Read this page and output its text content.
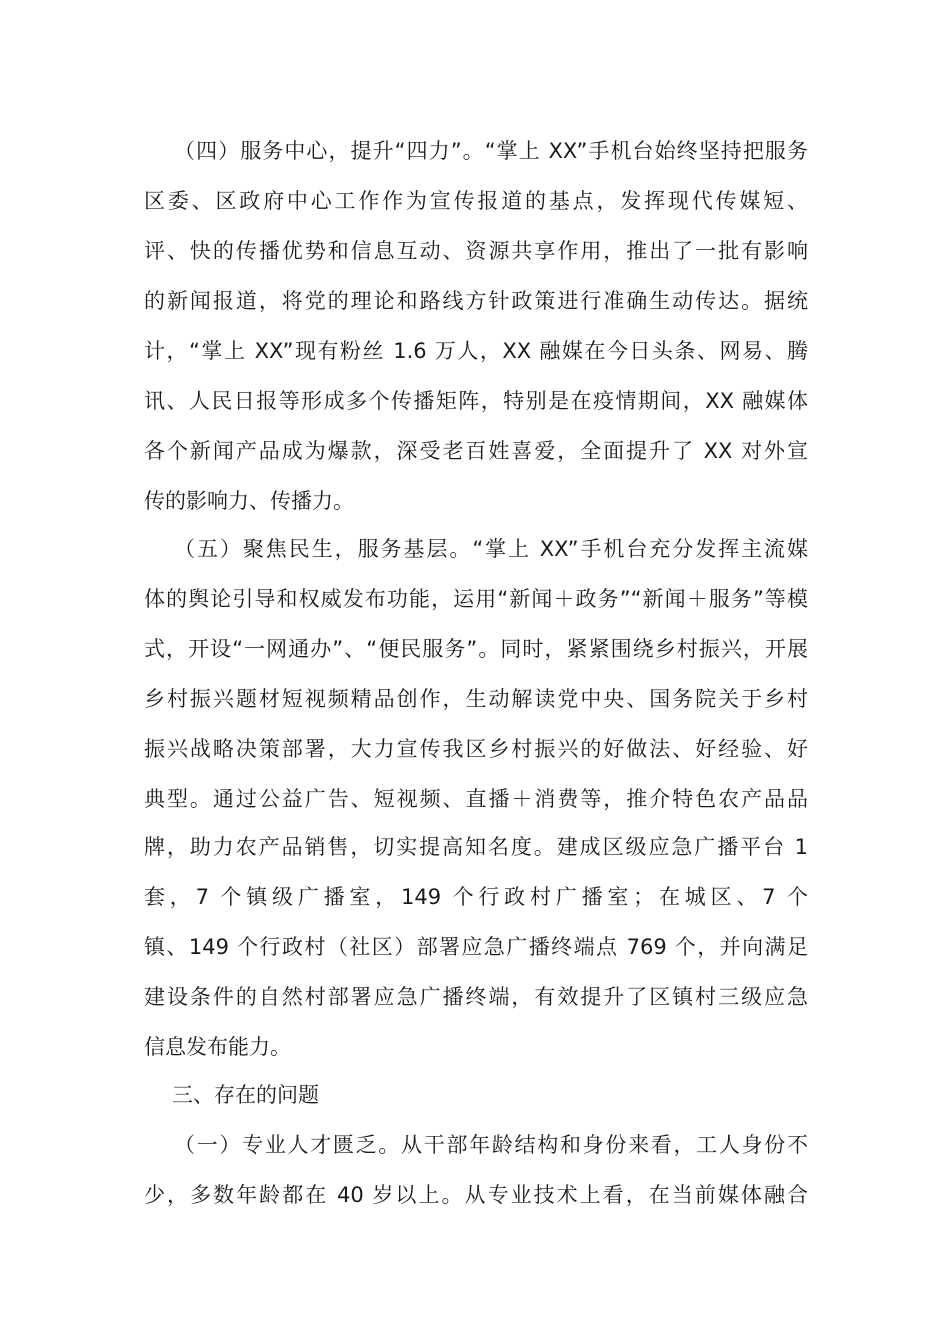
（四）服务中心，提升“四力”。“掌上 XX”手机台始终坚持把服务
区委、区政府中心工作作为宣传报道的基点，发挥现代传媒短、
评、快的传播优势和信息互动、资源共享作用，推出了一批有影响
的新闻报道，将党的理论和路线方针政策进行准确生动传达。据统
计，“掌上 XX”现有粉丝 1.6 万人，XX 融媒在今日头条、网易、腾
讯、人民日报等形成多个传播矩阵，特别是在疫情期间，XX 融媒体
各个新闻产品成为爆款，深受老百姓喜爱，全面提升了 XX 对外宣
传的影响力、传播力。
（五）聚焦民生，服务基层。“掌上 XX”手机台充分发挥主流媒
体的舆论引导和权威发布功能，运用“新闻＋政务”“新闻＋服务”等模
式，开设“一网通办”、“便民服务”。同时，紧紧围绕乡村振兴，开展
乡村振兴题材短视频精品创作，生动解读党中央、国务院关于乡村
振兴战略决策部署，大力宣传我区乡村振兴的好做法、好经验、好
典型。通过公益广告、短视频、直播＋消费等，推介特色农产品品
牌，助力农产品销售，切实提高知名度。建成区级应急广播平台 1
套，7 个镇级广播室，149 个行政村广播室；在城区、7 个
镇、149 个行政村（社区）部署应急广播终端点 769 个，并向满足
建设条件的自然村部署应急广播终端，有效提升了区镇村三级应急
信息发布能力。
三、存在的问题
（一）专业人才匮乏。从干部年龄结构和身份来看，工人身份不
少，多数年龄都在 40 岁以上。从专业技术上看，在当前媒体融合
